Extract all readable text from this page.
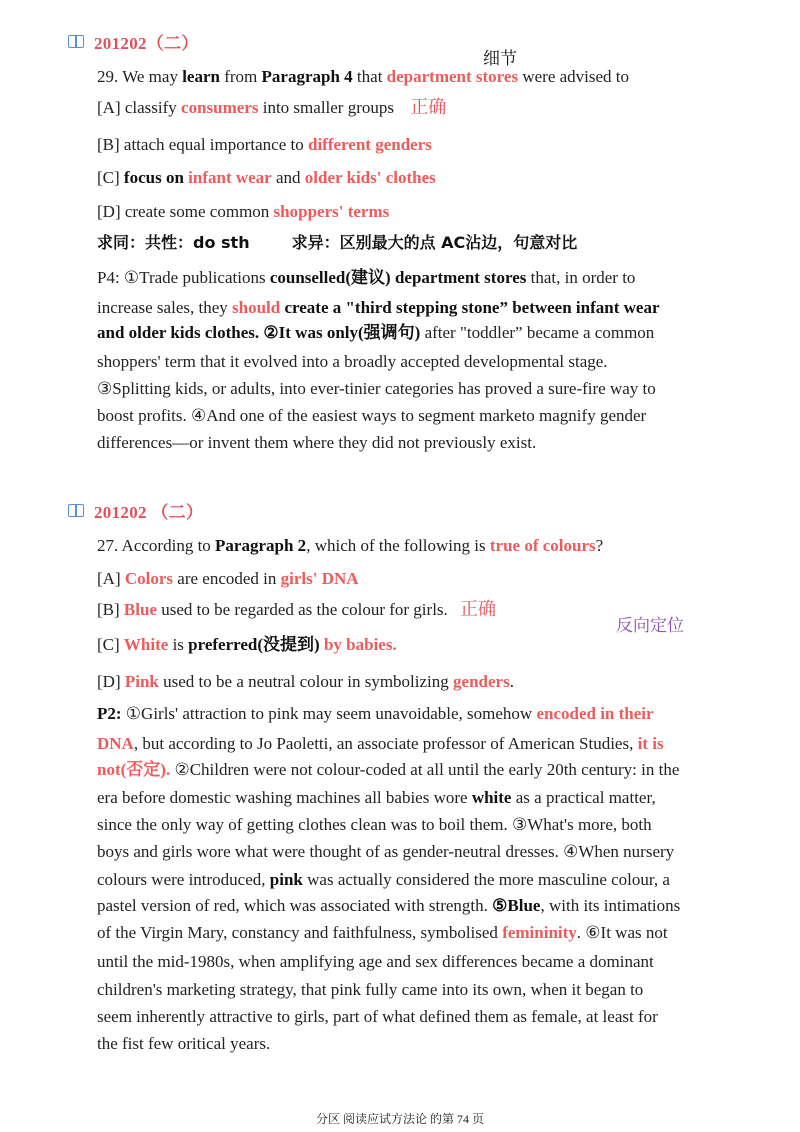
201202（二）
细节
29. We may learn from Paragraph 4 that department stores were advised to
[A] classify consumers into smaller groups 正确
[B] attach equal importance to different genders
[C] focus on infant wear and older kids' clothes
[D] create some common shoppers' terms
求同：共性：do sth	求异：区别最大的点 AC沾边，句意对比
P4: ①Trade publications counselled(建议) department stores that, in order to
increase sales, they should create a "third stepping stone” between infant wear
and older kids clothes. ②It was only(强调句) after "toddler” became a common
shoppers' term that it evolved into a broadly accepted developmental stage.
③Splitting kids, or adults, into ever-tinier categories has proved a sure-fire way to
boost profits. ④And one of the easiest ways to segment marketo magnify gender
differences—or invent them where they did not previously exist.
201202 （二）
27. According to Paragraph 2, which of the following is true of colours?
[A] Colors are encoded in girls' DNA
[B] Blue used to be regarded as the colour for girls. 正确
反向定位
[C] White is preferred(没提到) by babies.
[D] Pink used to be a neutral colour in symbolizing genders.
P2: ①Girls' attraction to pink may seem unavoidable, somehow encoded in their
DNA, but according to Jo Paoletti, an associate professor of American Studies, it is
not(否定). ②Children were not colour-coded at all until the early 20th century: in the
era before domestic washing machines all babies wore white as a practical matter,
since the only way of getting clothes clean was to boil them. ③What's more, both
boys and girls wore what were thought of as gender-neutral dresses. ④When nursery
colours were introduced, pink was actually considered the more masculine colour, a
pastel version of red, which was associated with strength. ⑤Blue, with its intimations
of the Virgin Mary, constancy and faithfulness, symbolised femininity. ⑥It was not
until the mid-1980s, when amplifying age and sex differences became a dominant
children's marketing strategy, that pink fully came into its own, when it began to
seem inherently attractive to girls, part of what defined them as female, at least for
the fist few oritical years.
分区 阅读应试方法论 的第 74 页
